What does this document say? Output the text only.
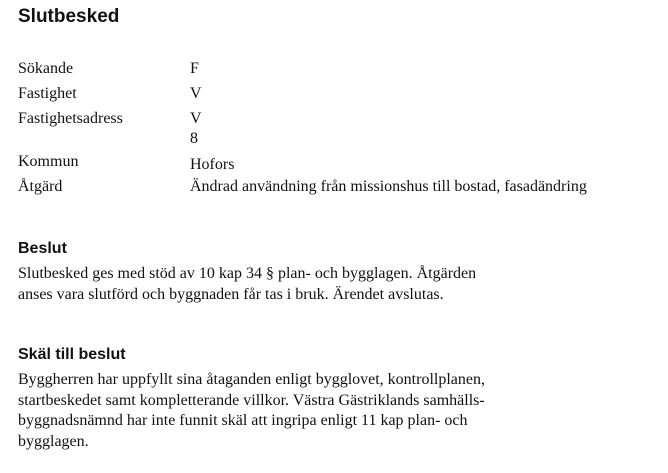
Slutbesked
Sökande	F
Fastighet	V
Fastighetsadress	V
8
Kommun	Hofors
Åtgärd	Ändrad användning från missionshus till bostad, fasadändring
Beslut

Slutbesked ges med stöd av 10 kap 34 § plan- och bygglagen. Åtgärden
anses vara slutförd och byggnaden får tas i bruk. Ärendet avslutas.

Skäl till beslut

Byggherren har uppfyllt sina åtaganden enligt bygglovet, kontrollplanen,
startbeskedet samt kompletterande villkor. Västra Gästriklands samhälls-
byggnadsnämnd har inte funnit skäl att ingripa enligt 11 kap plan- och
bygglagen.
